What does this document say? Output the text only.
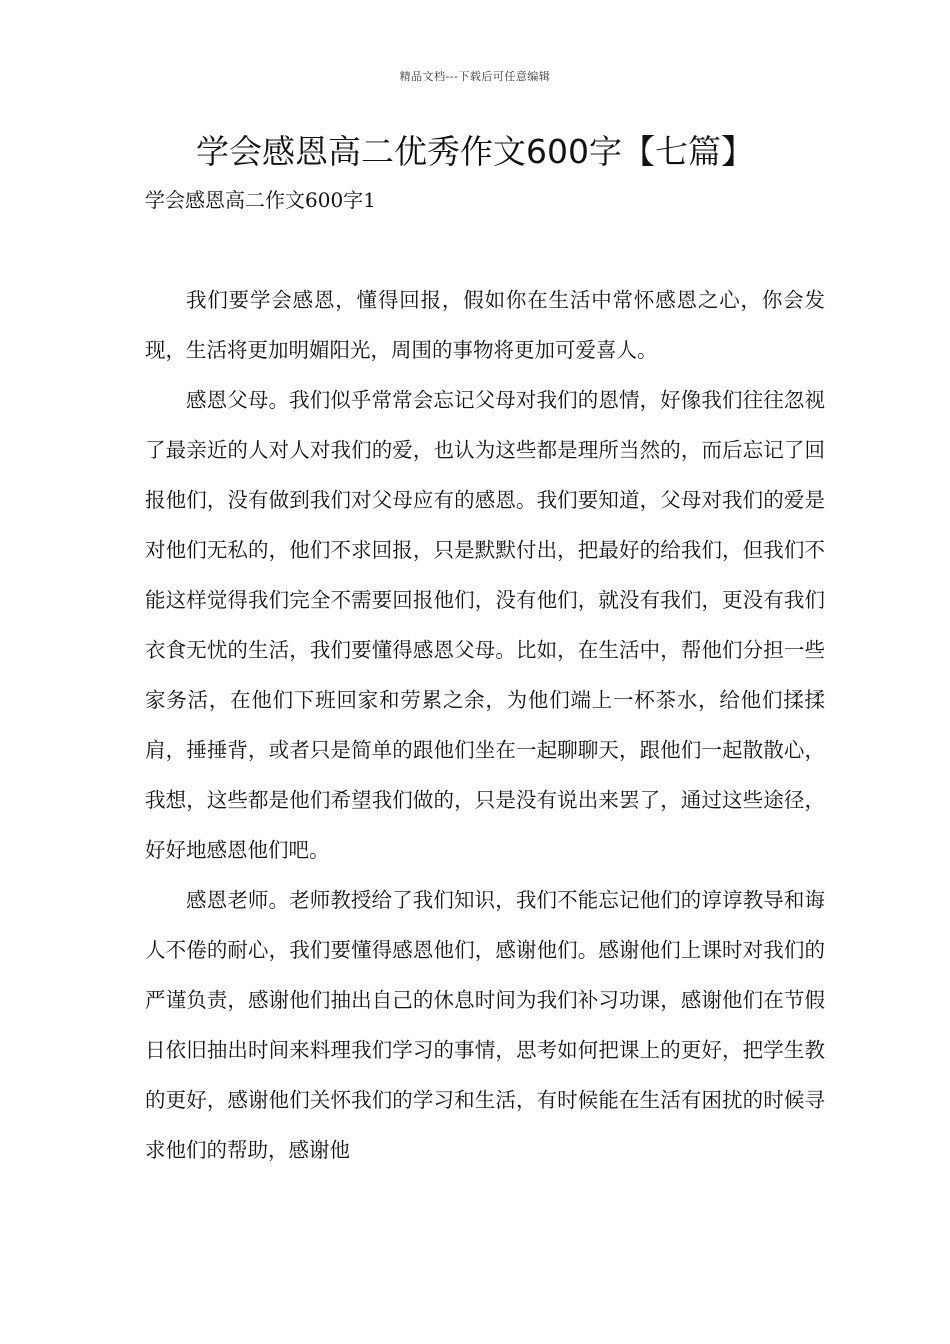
精品文档---下载后可任意编辑
学会感恩高二优秀作文600字【七篇】
学会感恩高二作文600字1

我们要学会感恩，懂得回报，假如你在生活中常怀感恩之心，你会发现，生活将更加明媚阳光，周围的事物将更加可爱喜人。

感恩父母。我们似乎常常会忘记父母对我们的恩情，好像我们往往忽视了最亲近的人对人对我们的爱，也认为这些都是理所当然的，而后忘记了回报他们，没有做到我们对父母应有的感恩。我们要知道，父母对我们的爱是对他们无私的，他们不求回报，只是默默付出，把最好的给我们，但我们不能这样觉得我们完全不需要回报他们，没有他们，就没有我们，更没有我们衣食无忧的生活，我们要懂得感恩父母。比如，在生活中，帮他们分担一些家务活，在他们下班回家和劳累之余，为他们端上一杯茶水，给他们揉揉肩，捶捶背，或者只是简单的跟他们坐在一起聊聊天，跟他们一起散散心，我想，这些都是他们希望我们做的，只是没有说出来罢了，通过这些途径，好好地感恩他们吧。

感恩老师。老师教授给了我们知识，我们不能忘记他们的谆谆教导和诲人不倦的耐心，我们要懂得感恩他们，感谢他们。感谢他们上课时对我们的严谨负责，感谢他们抽出自己的休息时间为我们补习功课，感谢他们在节假日依旧抽出时间来料理我们学习的事情，思考如何把课上的更好，把学生教的更好，感谢他们关怀我们的学习和生活，有时候能在生活有困扰的时候寻求他们的帮助，感谢他
